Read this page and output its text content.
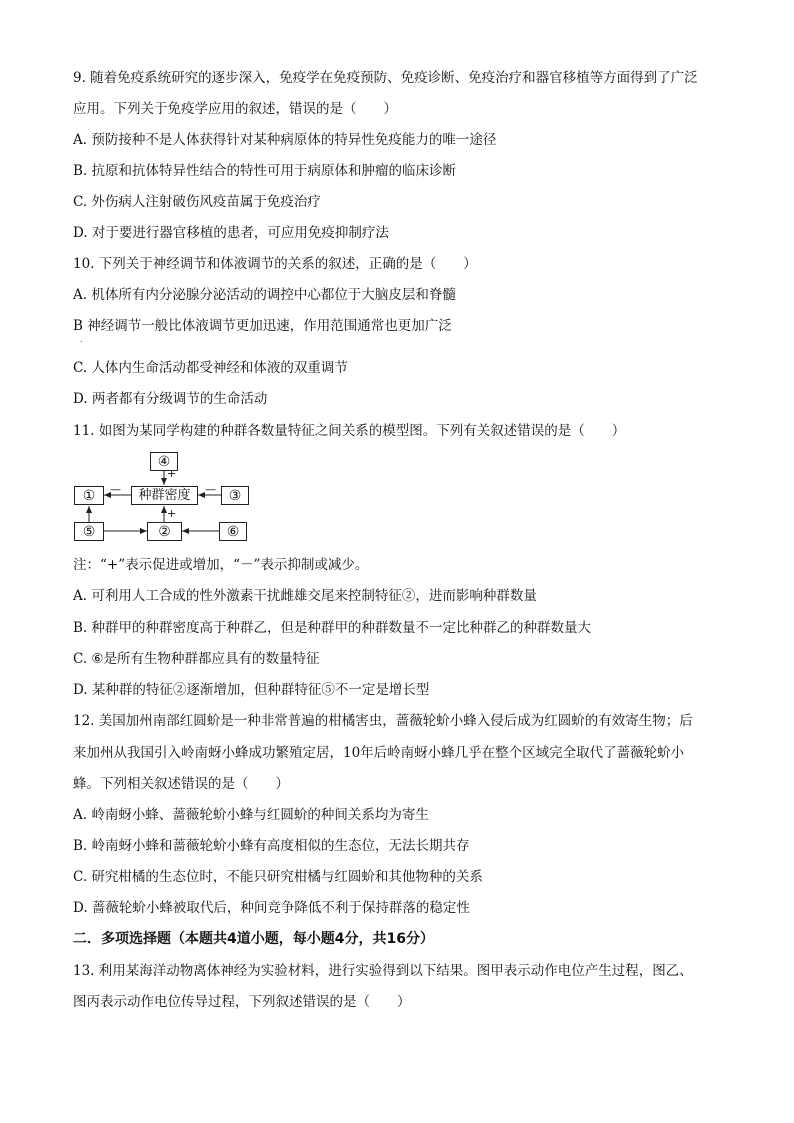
9. 随着免疫系统研究的逐步深入，免疫学在免疫预防、免疫诊断、免疫治疗和器官移植等方面得到了广泛
应用。下列关于免疫学应用的叙述，错误的是（　　）
A. 预防接种不是人体获得针对某种病原体的特异性免疫能力的唯一途径
B. 抗原和抗体特异性结合的特性可用于病原体和肿瘤的临床诊断
C. 外伤病人注射破伤风疫苗属于免疫治疗
D. 对于要进行器官移植的患者，可应用免疫抑制疗法
10. 下列关于神经调节和体液调节的关系的叙述，正确的是（　　）
A. 机体所有内分泌腺分泌活动的调控中心都位于大脑皮层和脊髓
B 神经调节一般比体液调节更加迅速，作用范围通常也更加广泛
.
C. 人体内生命活动都受神经和体液的双重调节
D. 两者都有分级调节的生命活动
11. 如图为某同学构建的种群各数量特征之间关系的模型图。下列有关叙述错误的是（　　）
④
①	种群密度	③
⑤	②	⑥
+
—	—
+
注：“+”表示促进或增加，“－”表示抑制或减少。
A. 可利用人工合成的性外激素干扰雌雄交尾来控制特征②，进而影响种群数量
B. 种群甲的种群密度高于种群乙，但是种群甲的种群数量不一定比种群乙的种群数量大
C. ⑥是所有生物种群都应具有的数量特征
D. 某种群的特征②逐渐增加，但种群特征⑤不一定是增长型
12. 美国加州南部红圆蚧是一种非常普遍的柑橘害虫，蔷薇轮蚧小蜂入侵后成为红圆蚧的有效寄生物；后
来加州从我国引入岭南蚜小蜂成功繁殖定居，10年后岭南蚜小蜂几乎在整个区域完全取代了蔷薇轮蚧小
蜂。下列相关叙述错误的是（　　）
A. 岭南蚜小蜂、蔷薇轮蚧小蜂与红圆蚧的种间关系均为寄生
B. 岭南蚜小蜂和蔷薇轮蚧小蜂有高度相似的生态位，无法长期共存
C. 研究柑橘的生态位时，不能只研究柑橘与红圆蚧和其他物种的关系
D. 蔷薇轮蚧小蜂被取代后，种间竞争降低不利于保持群落的稳定性
二．多项选择题（本题共4道小题，每小题4分，共16分）
13. 利用某海洋动物离体神经为实验材料，进行实验得到以下结果。图甲表示动作电位产生过程，图乙、
图丙表示动作电位传导过程，下列叙述错误的是（　　）
